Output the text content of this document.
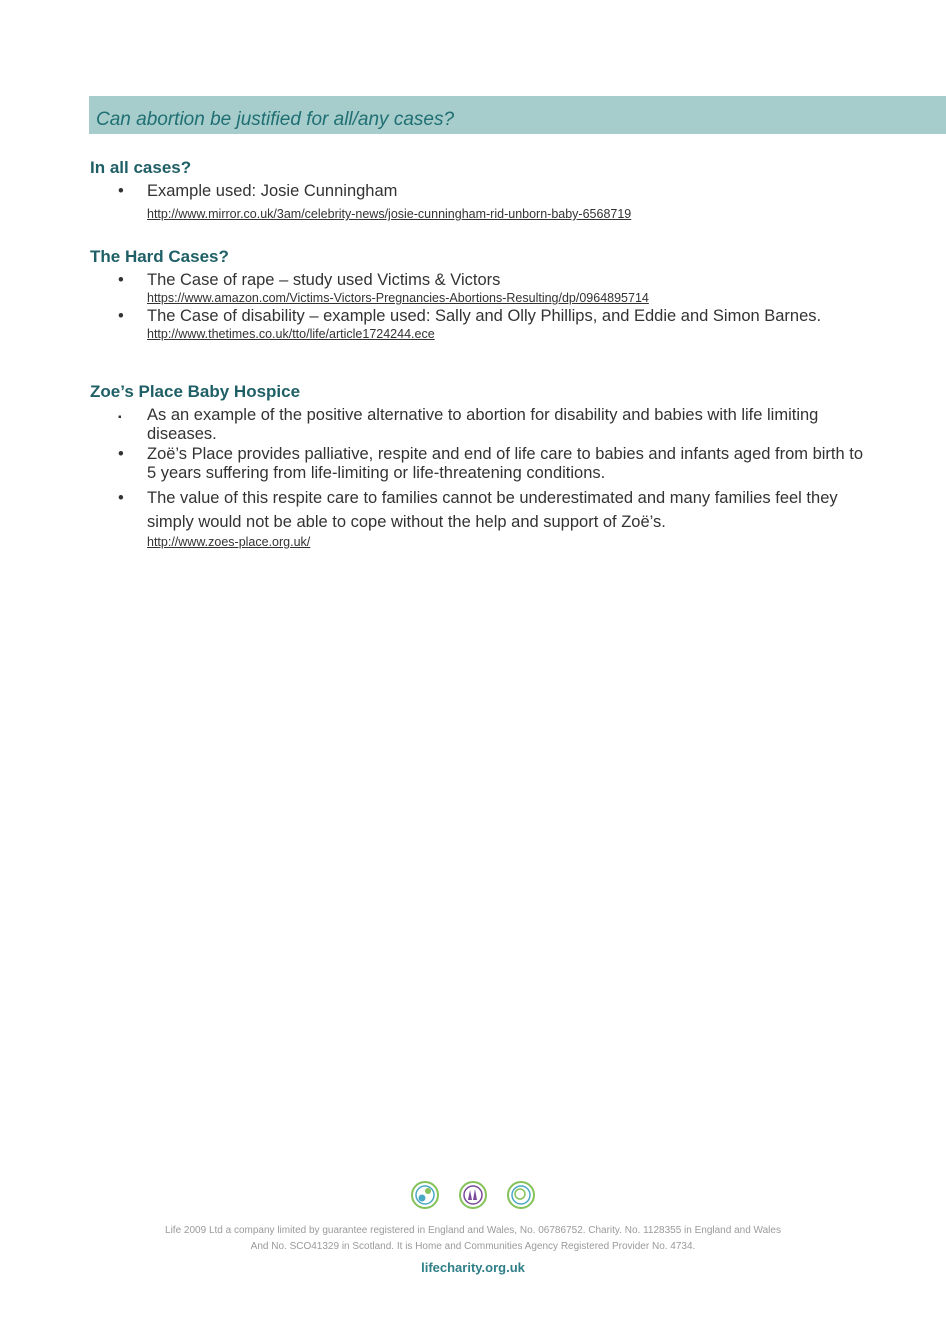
Can abortion be justified for all/any cases?
In all cases?
• Example used: Josie Cunningham
http://www.mirror.co.uk/3am/celebrity-news/josie-cunningham-rid-unborn-baby-6568719
The Hard Cases?
• The Case of rape – study used Victims & Victors
https://www.amazon.com/Victims-Victors-Pregnancies-Abortions-Resulting/dp/0964895714
• The Case of disability – example used: Sally and Olly Phillips, and Eddie and Simon Barnes.
http://www.thetimes.co.uk/tto/life/article1724244.ece
Zoe’s Place Baby Hospice
▪ As an example of the positive alternative to abortion for disability and babies with life limiting diseases.
• Zoë’s Place provides palliative, respite and end of life care to babies and infants aged from birth to 5 years suffering from life-limiting or life-threatening conditions.
• The value of this respite care to families cannot be underestimated and many families feel they simply would not be able to cope without the help and support of Zoë’s.
http://www.zoes-place.org.uk/
Life 2009 Ltd a company limited by guarantee registered in England and Wales, No. 06786752. Charity. No. 1128355 in England and Wales
And No. SCO41329 in Scotland. It is Home and Communities Agency Registered Provider No. 4734.
lifecharity.org.uk
